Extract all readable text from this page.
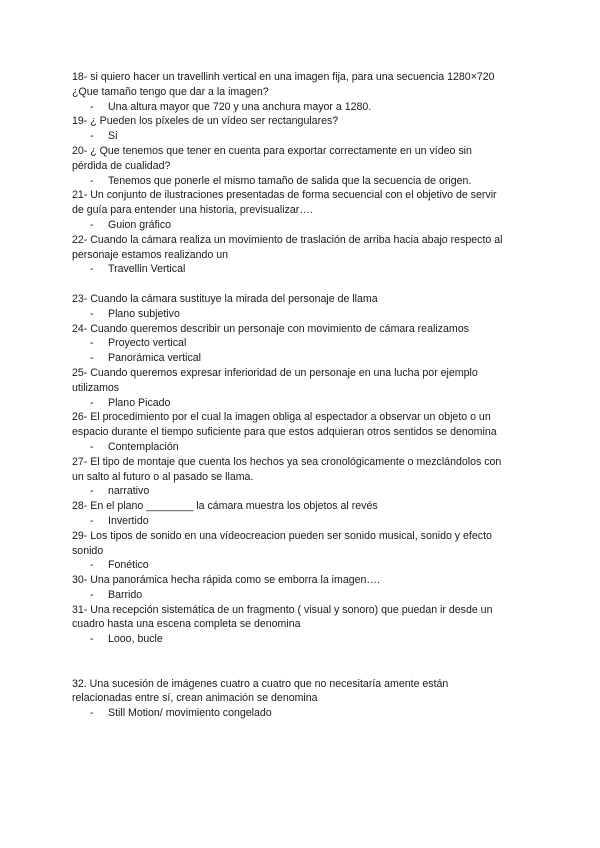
18- si quiero hacer un travellinh vertical en una imagen fija, para una secuencia 1280×720
¿Que tamaño tengo que dar a la imagen?
- Una altura mayor que 720 y una anchura mayor a 1280.
19- ¿ Pueden los píxeles de un vídeo ser rectangulares?
- Si
20- ¿ Que tenemos que tener en cuenta para exportar correctamente en un vídeo sin
pérdida de cualidad?
- Tenemos que ponerle el mismo tamaño de salida que la secuencia de origen.
21- Un conjunto de ilustraciones presentadas de forma secuencial con el objetivo de servir
de guía para entender una historia, previsualizar….
- Guion gráfico
22- Cuando la cámara realiza un movimiento de traslación de arriba hacia abajo respecto al
personaje estamos realizando un
- Travellin Vertical
23- Cuando la cámara sustituye la mirada del personaje de llama
- Plano subjetivo
24- Cuando queremos describir un personaje con movimiento de cámara realizamos
- Proyecto vertical
- Panorámica vertical
25- Cuando queremos expresar inferioridad de un personaje en una lucha por ejemplo
utilizamos
- Plano Picado
26- El procedimiento por el cual la imagen obliga al espectador a observar un objeto o un
espacio durante el tiempo suficiente para que estos adquieran otros sentidos se denomina
- Contemplación
27- El tipo de montaje que cuenta los hechos ya sea cronológicamente o mezclándolos con
un salto al futuro o al pasado se llama.
- narrativo
28- En el plano ________ la cámara muestra los objetos al revés
- Invertido
29- Los tipos de sonido en una vídeocreacion pueden ser sonido musical, sonido y efecto
sonido
- Fonético
30- Una panorámica hecha rápida como se emborra la imagen….
- Barrido
31- Una recepción sistemática de un fragmento ( visual y sonoro) que puedan ir desde un
cuadro hasta una escena completa se denomina
- Looo, bucle
32. Una sucesión de imágenes cuatro a cuatro que no necesitaría amente están
relacionadas entre sí, crean animación se denomina
- Still Motion/ movimiento congelado
